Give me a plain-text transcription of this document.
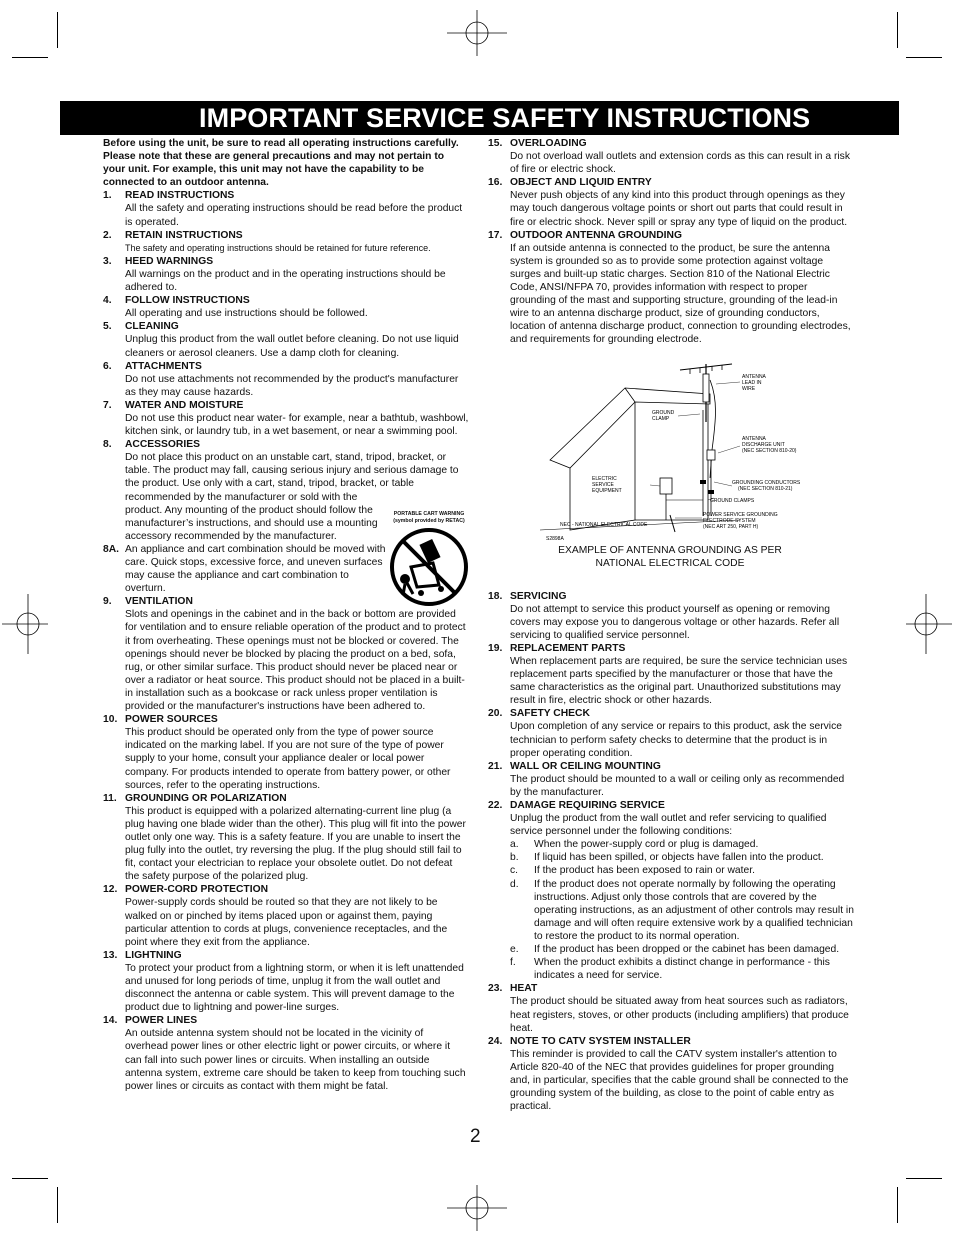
IMPORTANT SERVICE SAFETY INSTRUCTIONS

Before using the unit, be sure to read all operating instructions carefully. Please note that these are general precautions and may not pertain to your unit. For example, this unit may not have the capability to be connected to an outdoor antenna.

1. READ INSTRUCTIONS
All the safety and operating instructions should be read before the product is operated.
2. RETAIN INSTRUCTIONS
The safety and operating instructions should be retained for future reference.
3. HEED WARNINGS
All warnings on the product and in the operating instructions should be adhered to.
4. FOLLOW INSTRUCTIONS
All operating and use instructions should be followed.
5. CLEANING
Unplug this product from the wall outlet before cleaning. Do not use liquid cleaners or aerosol cleaners. Use a damp cloth for cleaning.
6. ATTACHMENTS
Do not use attachments not recommended by the product's manufacturer as they may cause hazards.
7. WATER AND MOISTURE
Do not use this product near water- for example, near a bathtub, washbowl, kitchen sink, or laundry tub, in a wet basement, or near a swimming pool.
8. ACCESSORIES
Do not place this product on an unstable cart, stand, tripod, bracket, or table. The product may fall, causing serious injury and serious damage to the product. Use only with a cart, stand, tripod, bracket, or table
recommended by the manufacturer or sold with the product. Any mounting of the product should follow the manufacturer’s instructions, and should use a mounting accessory recommended by the manufacturer.
8A. An appliance and cart combination should be moved with care. Quick stops, excessive force, and uneven surfaces may cause the appliance and cart combination to overturn.
9. VENTILATION
Slots and openings in the cabinet and in the back or bottom are provided for ventilation and to ensure reliable operation of the product and to protect it from overheating. These openings must not be blocked or covered. The openings should never be blocked by placing the product on a bed, sofa, rug, or other similar surface. This product should never be placed near or over a radiator or heat source. This product should not be placed in a built-in installation such as a bookcase or rack unless proper ventilation is provided or the manufacturer's instructions have been adhered to.
10. POWER SOURCES
This product should be operated only from the type of power source indicated on the marking label. If you are not sure of the type of power supply to your home, consult your appliance dealer or local power company. For products intended to operate from battery power, or other sources, refer to the operating instructions.
11. GROUNDING OR POLARIZATION
This product is equipped with a polarized alternating-current line plug (a plug having one blade wider than the other). This plug will fit into the power outlet only one way. This is a safety feature. If you are unable to insert the plug fully into the outlet, try reversing the plug. If the plug should still fail to fit, contact your electrician to replace your obsolete outlet. Do not defeat the safety purpose of the polarized plug.
12. POWER-CORD PROTECTION
Power-supply cords should be routed so that they are not likely to be walked on or pinched by items placed upon or against them, paying particular attention to cords at plugs, convenience receptacles, and the point where they exit from the appliance.
13. LIGHTNING
To protect your product from a lightning storm, or when it is left unattended and unused for long periods of time, unplug it from the wall outlet and disconnect the antenna or cable system. This will prevent damage to the product due to lightning and power-line surges.
14. POWER LINES
An outside antenna system should not be located in the vicinity of overhead power lines or other electric light or power circuits, or where it can fall into such power lines or circuits. When installing an outside antenna system, extreme care should be taken to keep from touching such power lines or circuits as contact with them might be fatal.
PORTABLE CART WARNING
(symbol provided by RETAC)
15. OVERLOADING
Do not overload wall outlets and extension cords as this can result in a risk of fire or electric shock.
16. OBJECT AND LIQUID ENTRY
Never push objects of any kind into this product through openings as they may touch dangerous voltage points or short out parts that could result in fire or electric shock. Never spill or spray any type of liquid on the product.
17. OUTDOOR ANTENNA GROUNDING
If an outside antenna is connected to the product, be sure the antenna system is grounded so as to provide some protection against voltage surges and built-up static charges. Section 810 of the National Electric Code, ANSI/NFPA 70, provides information with respect to proper grounding of the mast and supporting structure, grounding of the lead-in wire to an antenna discharge product, size of grounding conductors, location of antenna discharge product, connection to grounding electrodes, and requirements for grounding electrode.
18. SERVICING
Do not attempt to service this product yourself as opening or removing covers may expose you to dangerous voltage or other hazards. Refer all servicing to qualified service personnel.
19. REPLACEMENT PARTS
When replacement parts are required, be sure the service technician uses replacement parts specified by the manufacturer or those that have the same characteristics as the original part. Unauthorized substitutions may result in fire, electric shock or other hazards.
20. SAFETY CHECK
Upon completion of any service or repairs to this product, ask the service technician to perform safety checks to determine that the product is in proper operating condition.
21. WALL OR CEILING MOUNTING
The product should be mounted to a wall or ceiling only as recommended by the manufacturer.
22. DAMAGE REQUIRING SERVICE
Unplug the product from the wall outlet and refer servicing to qualified service personnel under the following conditions:
a. When the power-supply cord or plug is damaged.
b. If liquid has been spilled, or objects have fallen into the product.
c. If the product has been exposed to rain or water.
d. If the product does not operate normally by following the operating instructions. Adjust only those controls that are covered by the operating instructions, as an adjustment of other controls may result in damage and will often require extensive work by a qualified technician to restore the product to its normal operation.
e. If the product has been dropped or the cabinet has been damaged.
f. When the product exhibits a distinct change in performance - this indicates a need for service.
23. HEAT
The product should be situated away from heat sources such as radiators, heat registers, stoves, or other products (including amplifiers) that produce heat.
24. NOTE TO CATV SYSTEM INSTALLER
This reminder is provided to call the CATV system installer's attention to Article 820-40 of the NEC that provides guidelines for proper grounding and, in particular, specifies that the cable ground shall be connected to the grounding system of the building, as close to the point of cable entry as practical.
ANTENNA LEAD IN WIRE
GROUND CLAMP
ANTENNA DISCHARGE UNIT (NEC SECTION 810-20)
ELECTRIC SERVICE EQUIPMENT
GROUNDING CONDUCTORS (NEC SECTION 810-21)
GROUND CLAMPS
POWER SERVICE GROUNDING ELECTRODE SYSTEM (NEC ART 250, PART H)
NEC - NATIONAL ELECTRICAL CODE
S2898A
EXAMPLE OF ANTENNA GROUNDING AS PER
NATIONAL ELECTRICAL CODE
2
